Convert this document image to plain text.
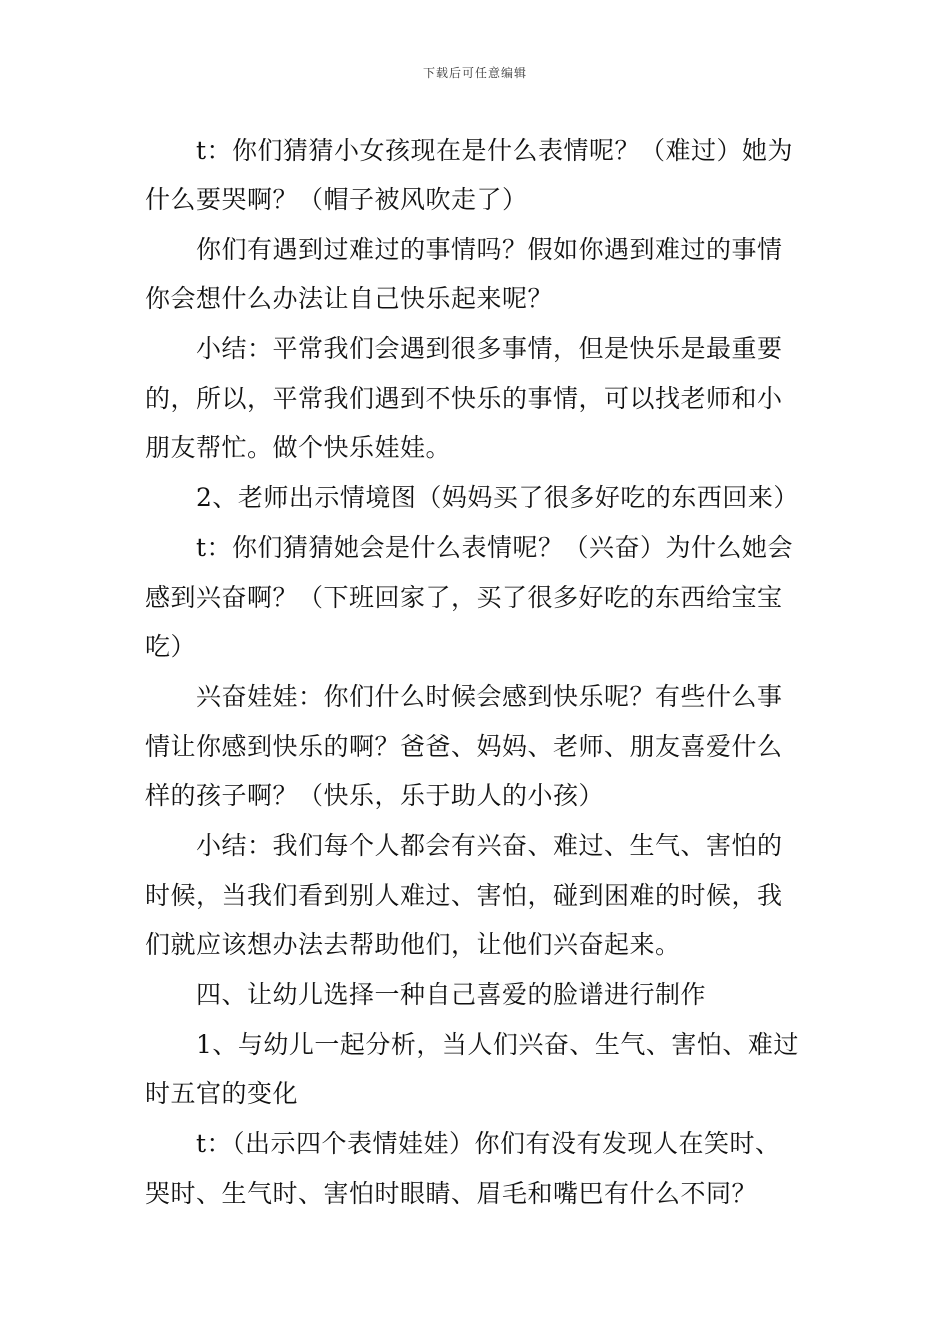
下载后可任意编辑
t：你们猜猜小女孩现在是什么表情呢？（难过）她为
什么要哭啊？（帽子被风吹走了）
你们有遇到过难过的事情吗？假如你遇到难过的事情
你会想什么办法让自己快乐起来呢？
小结：平常我们会遇到很多事情，但是快乐是最重要
的，所以，平常我们遇到不快乐的事情，可以找老师和小
朋友帮忙。做个快乐娃娃。
2、老师出示情境图（妈妈买了很多好吃的东西回来）
t：你们猜猜她会是什么表情呢？（兴奋）为什么她会
感到兴奋啊？（下班回家了，买了很多好吃的东西给宝宝
吃）
兴奋娃娃：你们什么时候会感到快乐呢？有些什么事
情让你感到快乐的啊？爸爸、妈妈、老师、朋友喜爱什么
样的孩子啊？（快乐，乐于助人的小孩）
小结：我们每个人都会有兴奋、难过、生气、害怕的
时候，当我们看到别人难过、害怕，碰到困难的时候，我
们就应该想办法去帮助他们，让他们兴奋起来。
四、让幼儿选择一种自己喜爱的脸谱进行制作
1、与幼儿一起分析，当人们兴奋、生气、害怕、难过
时五官的变化
t：（出示四个表情娃娃）你们有没有发现人在笑时、
哭时、生气时、害怕时眼睛、眉毛和嘴巴有什么不同？
